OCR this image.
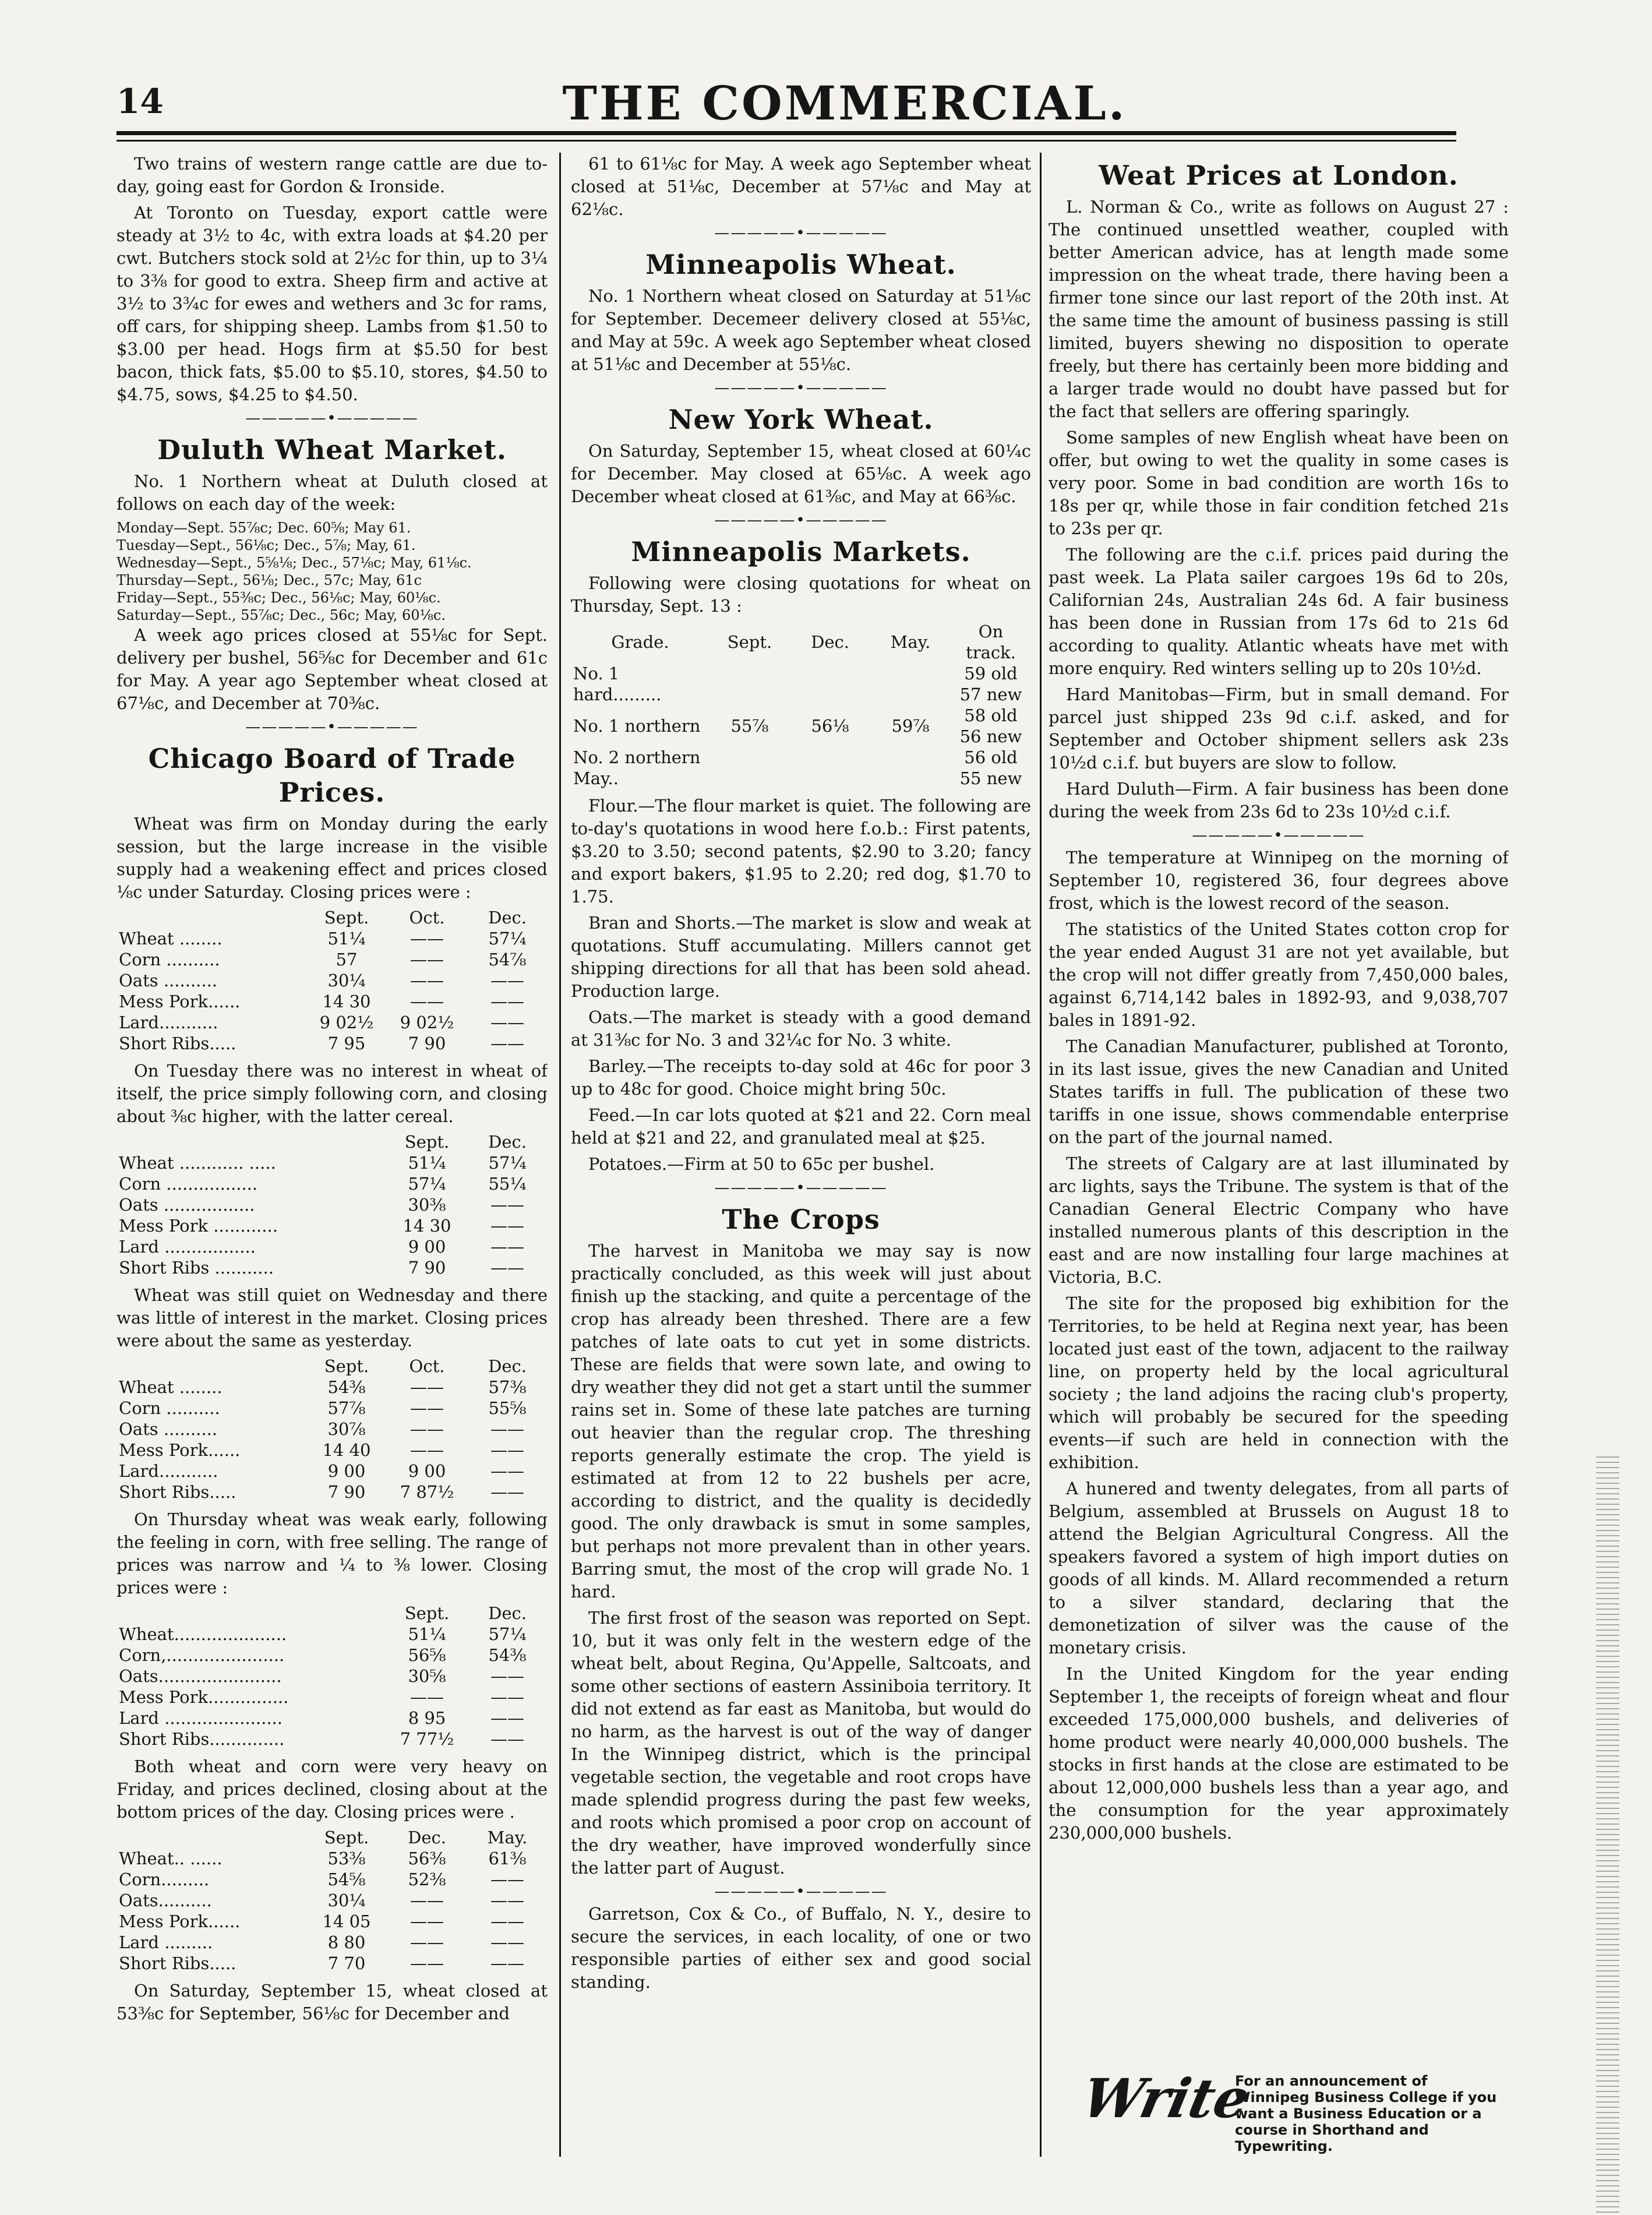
14	THE COMMERCIAL.

Two trains of western range cattle are due to-day, going east for Gordon & Ironside.

At Toronto on Tuesday, export cattle were steady at 3½ to 4c, with extra loads at $4.20 per cwt. Butchers stock sold at 2½c for thin, up to 3¼ to 3⅜ for good to extra. Sheep firm and active at 3½ to 3¾c for ewes and wethers and 3c for rams, off cars, for shipping sheep. Lambs from $1.50 to $3.00 per head. Hogs firm at $5.50 for best bacon, thick fats, $5.00 to $5.10, stores, $4.50 to $4.75, sows, $4.25 to $4.50.

—————•—————
Duluth Wheat Market.

No. 1 Northern wheat at Duluth closed at follows on each day of the week:

Monday—Sept. 55⅞c; Dec. 60⅝; May 61.
Tuesday—Sept., 56⅛c; Dec., 5⅞; May, 61.
Wednesday—Sept., 5⅝⅛; Dec., 57⅛c; May, 61⅛c.
Thursday—Sept., 56⅛; Dec., 57c; May, 61c
Friday—Sept., 55⅜c; Dec., 56⅛c; May, 60⅛c.
Saturday—Sept., 55⅞c; Dec., 56c; May, 60⅛c.

A week ago prices closed at 55⅛c for Sept. delivery per bushel, 56⅝c for December and 61c for May. A year ago September wheat closed at 67⅛c, and December at 70⅜c.

—————•—————
Chicago Board of Trade Prices.

Wheat was firm on Monday during the early session, but the large increase in the visible supply had a weakening effect and prices closed ⅛c under Saturday. Closing prices were :

	Sept.	Oct.	Dec.
Wheat ........	51¼	——	57¼
Corn ..........	57	——	54⅞
Oats ..........	30¼	——	——
Mess Pork......	14 30	——	——
Lard...........	9 02½	9 02½	——
Short Ribs.....	7 95	7 90	——

On Tuesday there was no interest in wheat of itself, the price simply following corn, and closing about ⅜c higher, with the latter cereal.

	Sept.	Dec.
Wheat ............ .....	51¼	57¼
Corn .................	57¼	55¼
Oats .................	30⅜	——
Mess Pork ............	14 30	——
Lard .................	9 00	——
Short Ribs ...........	7 90	——

Wheat was still quiet on Wednesday and there was little of interest in the market. Closing prices were about the same as yesterday.

	Sept.	Oct.	Dec.
Wheat ........	54⅜	——	57⅜
Corn ..........	57⅞	——	55⅝
Oats ..........	30⅞	——	——
Mess Pork......	14 40	——	——
Lard...........	9 00	9 00	——
Short Ribs.....	7 90	7 87½	——

On Thursday wheat was weak early, following the feeling in corn, with free selling. The range of prices was narrow and ¼ to ⅜ lower. Closing prices were :

	Sept.	Dec.
Wheat.....................	51¼	57¼
Corn,......................	56⅝	54⅜
Oats.......................	30⅝	——
Mess Pork...............	——	——
Lard ......................	8 95	——
Short Ribs..............	7 77½	——

Both wheat and corn were very heavy on Friday, and prices declined, closing about at the bottom prices of the day. Closing prices were .

	Sept.	Dec.	May.
Wheat.. ......	53⅜	56⅜	61⅜
Corn.........	54⅝	52⅜	——
Oats..........	30¼	——	——
Mess Pork......	14 05	——	——
Lard .........	8 80	——	——
Short Ribs.....	7 70	——	——

On Saturday, September 15, wheat closed at 53⅜c for September, 56⅛c for December and

61 to 61⅛c for May. A week ago September wheat closed at 51⅛c, December at 57⅛c and May at 62⅛c.

—————•—————
Minneapolis Wheat.

No. 1 Northern wheat closed on Saturday at 51⅛c for September. Decemeer delivery closed at 55⅛c, and May at 59c. A week ago September wheat closed at 51⅛c and December at 55⅛c.

—————•—————
New York Wheat.

On Saturday, September 15, wheat closed at 60¼c for December. May closed at 65⅛c. A week ago December wheat closed at 61⅜c, and May at 66⅜c.

—————•—————
Minneapolis Markets.

Following were closing quotations for wheat on Thursday, Sept. 13 :

Grade.	Sept.	Dec.	May.	On track.
No. 1 hard.........				59 old 57 new
No. 1 northern	55⅞	56⅛	59⅞	58 old 56 new
No. 2 northern May..				56 old 55 new

Flour.—The flour market is quiet. The following are to-day's quotations in wood here f.o.b.: First patents, $3.20 to 3.50; second patents, $2.90 to 3.20; fancy and export bakers, $1.95 to 2.20; red dog, $1.70 to 1.75.

Bran and Shorts.—The market is slow and weak at quotations. Stuff accumulating. Millers cannot get shipping directions for all that has been sold ahead. Production large.

Oats.—The market is steady with a good demand at 31⅜c for No. 3 and 32¼c for No. 3 white.

Barley.—The receipts to-day sold at 46c for poor 3 up to 48c for good. Choice might bring 50c.

Feed.—In car lots quoted at $21 and 22. Corn meal held at $21 and 22, and granulated meal at $25.

Potatoes.—Firm at 50 to 65c per bushel.

—————•—————
The Crops

The harvest in Manitoba we may say is now practically concluded, as this week will just about finish up the stacking, and quite a percentage of the crop has already been threshed. There are a few patches of late oats to cut yet in some districts. These are fields that were sown late, and owing to dry weather they did not get a start until the summer rains set in. Some of these late patches are turning out heavier than the regular crop. The threshing reports generally estimate the crop. The yield is estimated at from 12 to 22 bushels per acre, according to district, and the quality is decidedly good. The only drawback is smut in some samples, but perhaps not more prevalent than in other years. Barring smut, the most of the crop will grade No. 1 hard.

The first frost of the season was reported on Sept. 10, but it was only felt in the western edge of the wheat belt, about Regina, Qu'Appelle, Saltcoats, and some other sections of eastern Assiniboia territory. It did not extend as far east as Manitoba, but would do no harm, as the harvest is out of the way of danger In the Winnipeg district, which is the principal vegetable section, the vegetable and root crops have made splendid progress during the past few weeks, and roots which promised a poor crop on account of the dry weather, have improved wonderfully since the latter part of August.

—————•—————

Garretson, Cox & Co., of Buffalo, N. Y., desire to secure the services, in each locality, of one or two responsible parties of either sex and good social standing.

Weat Prices at London.

L. Norman & Co., write as follows on August 27 : The continued unsettled weather, coupled with better American advice, has at length made some impression on the wheat trade, there having been a firmer tone since our last report of the 20th inst. At the same time the amount of business passing is still limited, buyers shewing no disposition to operate freely, but there has certainly been more bidding and a larger trade would no doubt have passed but for the fact that sellers are offering sparingly.

Some samples of new English wheat have been on offer, but owing to wet the quality in some cases is very poor. Some in bad condition are worth 16s to 18s per qr, while those in fair condition fetched 21s to 23s per qr.

The following are the c.i.f. prices paid during the past week. La Plata sailer cargoes 19s 6d to 20s, Californian 24s, Australian 24s 6d. A fair business has been done in Russian from 17s 6d to 21s 6d according to quality. Atlantic wheats have met with more enquiry. Red winters selling up to 20s 10½d.

Hard Manitobas—Firm, but in small demand. For parcel just shipped 23s 9d c.i.f. asked, and for September and October shipment sellers ask 23s 10½d c.i.f. but buyers are slow to follow.

Hard Duluth—Firm. A fair business has been done during the week from 23s 6d to 23s 10½d c.i.f.

—————•—————

The temperature at Winnipeg on the morning of September 10, registered 36, four degrees above frost, which is the lowest record of the season.

The statistics of the United States cotton crop for the year ended August 31 are not yet available, but the crop will not differ greatly from 7,450,000 bales, against 6,714,142 bales in 1892-93, and 9,038,707 bales in 1891-92.

The Canadian Manufacturer, published at Toronto, in its last issue, gives the new Canadian and United States tariffs in full. The publication of these two tariffs in one issue, shows commendable enterprise on the part of the journal named.

The streets of Calgary are at last illuminated by arc lights, says the Tribune. The system is that of the Canadian General Electric Company who have installed numerous plants of this description in the east and are now installing four large machines at Victoria, B.C.

The site for the proposed big exhibition for the Territories, to be held at Regina next year, has been located just east of the town, adjacent to the railway line, on property held by the local agricultural society ; the land adjoins the racing club's property, which will probably be secured for the speeding events—if such are held in connection with the exhibition.

A hunered and twenty delegates, from all parts of Belgium, assembled at Brussels on August 18 to attend the Belgian Agricultural Congress. All the speakers favored a system of high import duties on goods of all kinds. M. Allard recommended a return to a silver standard, declaring that the demonetization of silver was the cause of the monetary crisis.

In the United Kingdom for the year ending September 1, the receipts of foreign wheat and flour exceeded 175,000,000 bushels, and deliveries of home product were nearly 40,000,000 bushels. The stocks in first hands at the close are estimated to be about 12,000,000 bushels less than a year ago, and the consumption for the year approximately 230,000,000 bushels.

Write
For an announcement of Winnipeg Business College if you want a Business Education or a course in Shorthand and Typewriting.
